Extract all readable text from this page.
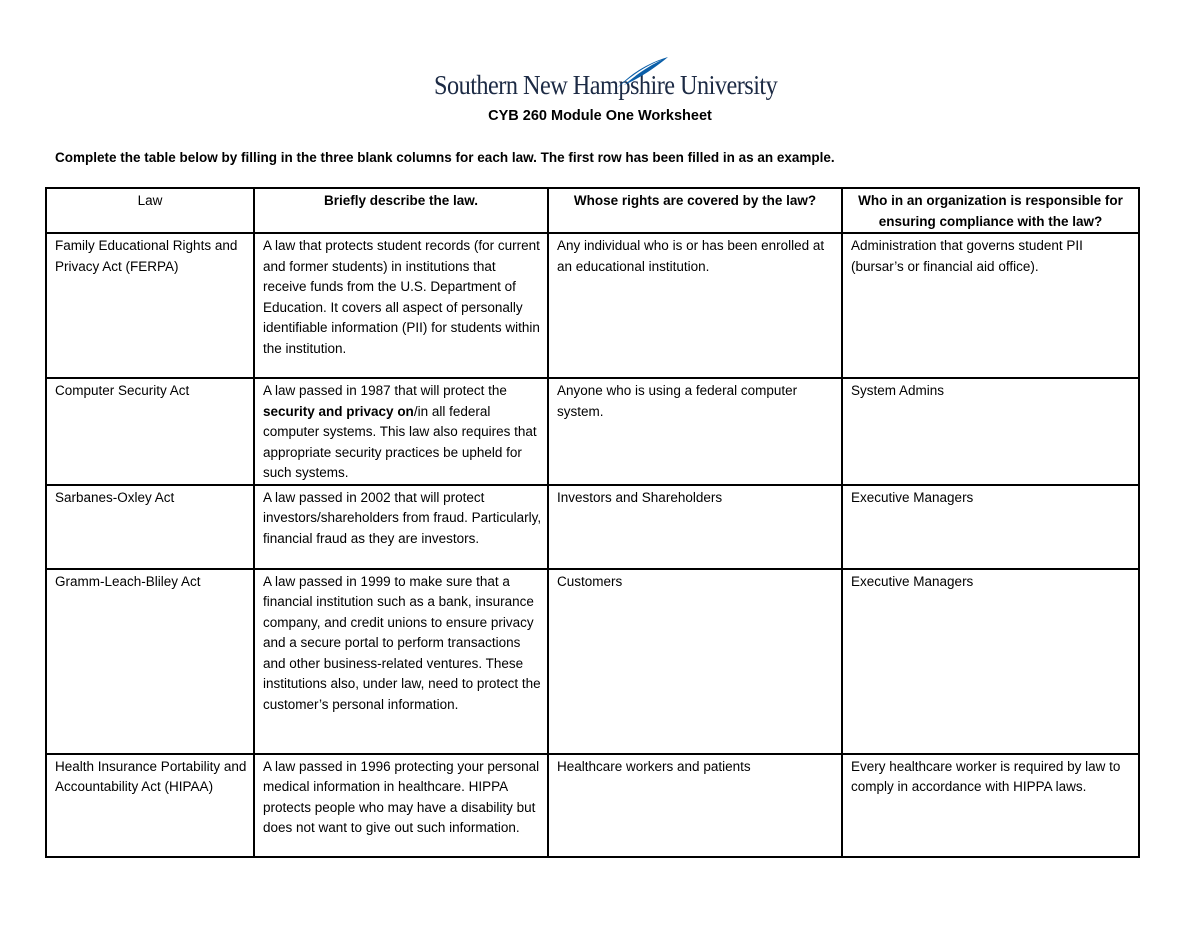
Southern New Hampshire University
CYB 260 Module One Worksheet
Complete the table below by filling in the three blank columns for each law. The first row has been filled in as an example.
Law	Briefly describe the law.	Whose rights are covered by the law?	Who in an organization is responsible for ensuring compliance with the law?
Family Educational Rights and Privacy Act (FERPA)	A law that protects student records (for current and former students) in institutions that receive funds from the U.S. Department of Education. It covers all aspect of personally identifiable information (PII) for students within the institution.	Any individual who is or has been enrolled at an educational institution.	Administration that governs student PII (bursar’s or financial aid office).
Computer Security Act	A law passed in 1987 that will protect the security and privacy on/in all federal computer systems. This law also requires that appropriate security practices be upheld for such systems.	Anyone who is using a federal computer system.	System Admins
Sarbanes-Oxley Act	A law passed in 2002 that will protect investors/shareholders from fraud. Particularly, financial fraud as they are investors.	Investors and Shareholders	Executive Managers
Gramm-Leach-Bliley Act	A law passed in 1999 to make sure that a financial institution such as a bank, insurance company, and credit unions to ensure privacy and a secure portal to perform transactions and other business-related ventures. These institutions also, under law, need to protect the customer’s personal information.	Customers	Executive Managers
Health Insurance Portability and Accountability Act (HIPAA)	A law passed in 1996 protecting your personal medical information in healthcare. HIPPA protects people who may have a disability but does not want to give out such information.	Healthcare workers and patients	Every healthcare worker is required by law to comply in accordance with HIPPA laws.
